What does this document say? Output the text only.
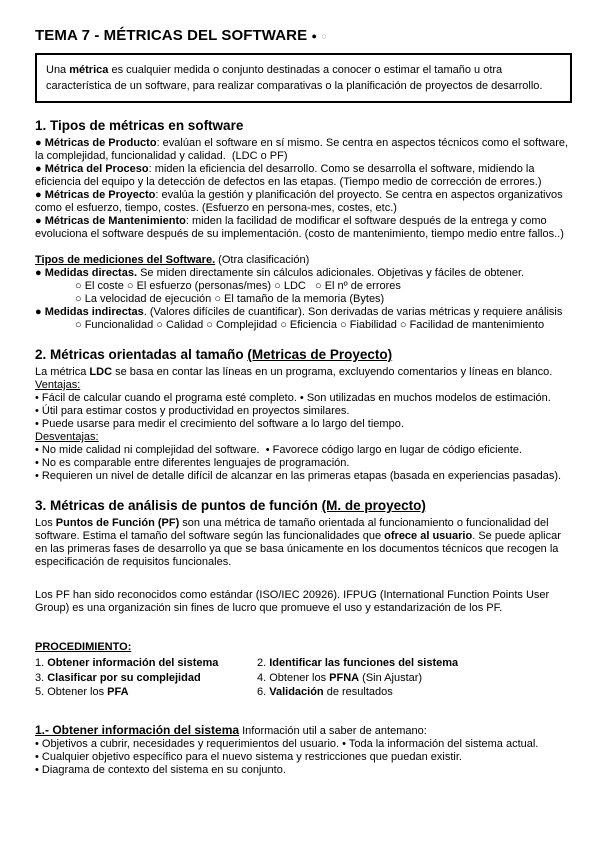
TEMA 7 - MÉTRICAS DEL SOFTWARE ● ○
Una métrica es cualquier medida o conjunto destinadas a conocer o estimar el tamaño u otra característica de un software, para realizar comparativas o la planificación de proyectos de desarrollo.
1. Tipos de métricas en software

● Métricas de Producto: evalúan el software en sí mismo. Se centra en aspectos técnicos como el software, la complejidad, funcionalidad y calidad.  (LDC o PF)

● Métrica del Proceso: miden la eficiencia del desarrollo. Como se desarrolla el software, midiendo la eficiencia del equipo y la detección de defectos en las etapas. (Tiempo medio de corrección de errores.)

● Métricas de Proyecto: evalúa la gestión y planificación del proyecto. Se centra en aspectos organizativos como el esfuerzo, tiempo, costes. (Esfuerzo en persona-mes, costes, etc.)

● Métricas de Mantenimiento: miden la facilidad de modificar el software después de la entrega y como evoluciona el software después de su implementación. (costo de mantenimiento, tiempo medio entre fallos..)

Tipos de mediciones del Software. (Otra clasificación)

● Medidas directas. Se miden directamente sin cálculos adicionales. Objetivas y fáciles de obtener.

○ El coste ○ El esfuerzo (personas/mes) ○ LDC   ○ El nº de errores

○ La velocidad de ejecución ○ El tamaño de la memoria (Bytes)

● Medidas indirectas. (Valores difíciles de cuantificar). Son derivadas de varias métricas y requiere análisis

○ Funcionalidad ○ Calidad ○ Complejidad ○ Eficiencia ○ Fiabilidad ○ Facilidad de mantenimiento

2. Métricas orientadas al tamaño (Metricas de Proyecto)

La métrica LDC se basa en contar las líneas en un programa, excluyendo comentarios y líneas en blanco.

Ventajas:

• Fácil de calcular cuando el programa esté completo. • Son utilizadas en muchos modelos de estimación.

• Útil para estimar costos y productividad en proyectos similares.

• Puede usarse para medir el crecimiento del software a lo largo del tiempo.

Desventajas:

• No mide calidad ni complejidad del software.  • Favorece código largo en lugar de código eficiente.

• No es comparable entre diferentes lenguajes de programación.

• Requieren un nivel de detalle difícil de alcanzar en las primeras etapas (basada en experiencias pasadas).

3. Métricas de análisis de puntos de función (M. de proyecto)

Los Puntos de Función (PF) son una métrica de tamaño orientada al funcionamiento o funcionalidad del software. Estima el tamaño del software según las funcionalidades que ofrece al usuario. Se puede aplicar en las primeras fases de desarrollo ya que se basa únicamente en los documentos técnicos que recogen la especificación de requisitos funcionales.

Los PF han sido reconocidos como estándar (ISO/IEC 20926). IFPUG (International Function Points User Group) es una organización sin fines de lucro que promueve el uso y estandarización de los PF.

PROCEDIMIENTO:

1. Obtener información del sistema	2. Identificar las funciones del sistema
3. Clasificar por su complejidad	4. Obtener los PFNA (Sin Ajustar)
5. Obtener los PFA	6. Validación de resultados

1.- Obtener información del sistema Información util a saber de antemano:

• Objetivos a cubrir, necesidades y requerimientos del usuario. • Toda la información del sistema actual.

• Cualquier objetivo específico para el nuevo sistema y restricciones que puedan existir.

• Diagrama de contexto del sistema en su conjunto.
